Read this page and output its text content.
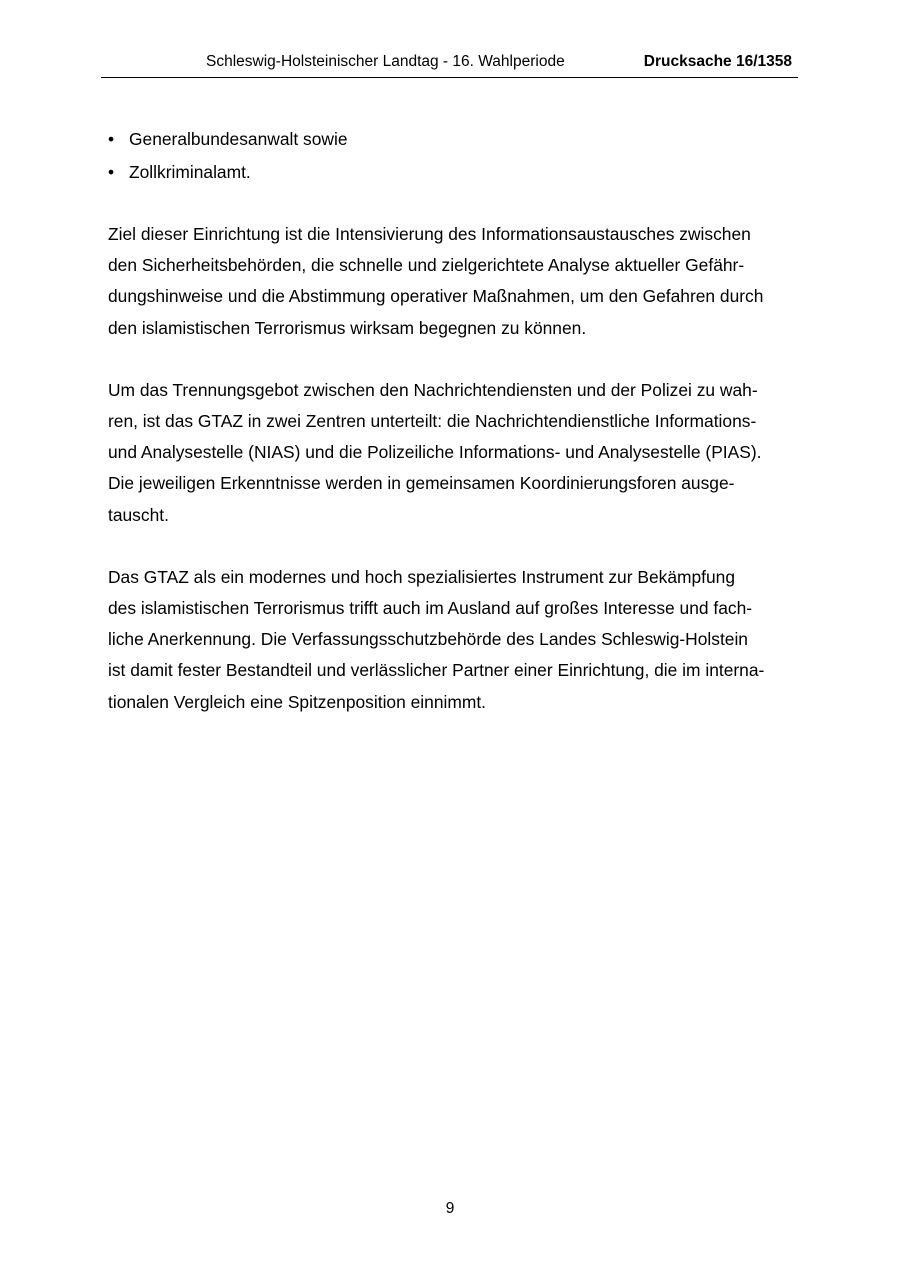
Schleswig-Holsteinischer Landtag - 16. Wahlperiode	Drucksache 16/1358
• Generalbundesanwalt sowie
• Zollkriminalamt.

Ziel dieser Einrichtung ist die Intensivierung des Informationsaustausches zwischen
den Sicherheitsbehörden, die schnelle und zielgerichtete Analyse aktueller Gefähr-
dungshinweise und die Abstimmung operativer Maßnahmen, um den Gefahren durch
den islamistischen Terrorismus wirksam begegnen zu können.

Um das Trennungsgebot zwischen den Nachrichtendiensten und der Polizei zu wah-
ren, ist das GTAZ in zwei Zentren unterteilt: die Nachrichtendienstliche Informations-
und Analysestelle (NIAS) und die Polizeiliche Informations- und Analysestelle (PIAS).
Die jeweiligen Erkenntnisse werden in gemeinsamen Koordinierungsforen ausge-
tauscht.

Das GTAZ als ein modernes und hoch spezialisiertes Instrument zur Bekämpfung
des islamistischen Terrorismus trifft auch im Ausland auf großes Interesse und fach-
liche Anerkennung. Die Verfassungsschutzbehörde des Landes Schleswig-Holstein
ist damit fester Bestandteil und verlässlicher Partner einer Einrichtung, die im interna-
tionalen Vergleich eine Spitzenposition einnimmt.

9
